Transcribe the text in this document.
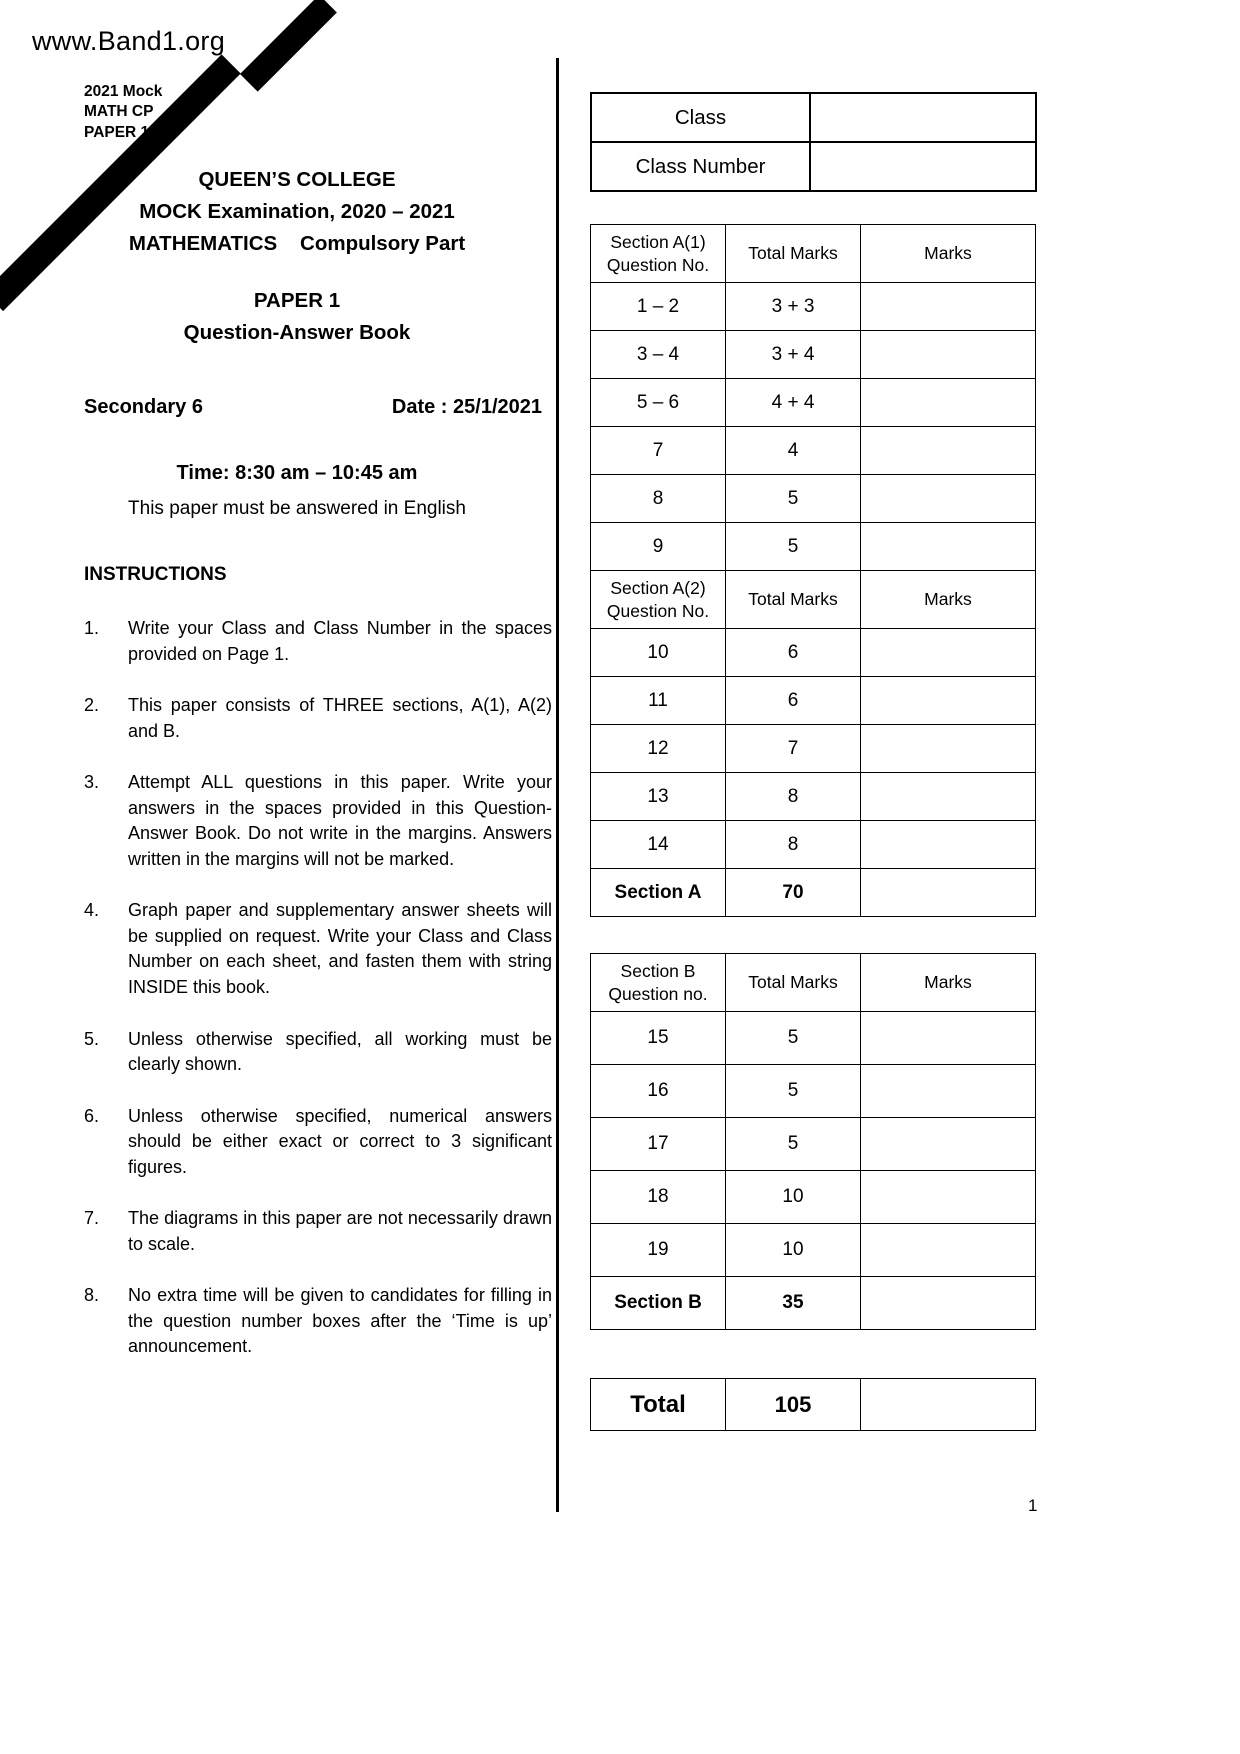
www.Band1.org
2021 Mock
MATH CP
PAPER 1
QUEEN’S COLLEGE
MOCK Examination, 2020 – 2021
MATHEMATICS    Compulsory Part
PAPER 1
Question-Answer Book
Secondary 6	Date : 25/1/2021
Time: 8:30 am – 10:45 am
This paper must be answered in English
INSTRUCTIONS
1.	Write your Class and Class Number in the spaces provided on Page 1.
2.	This paper consists of THREE sections, A(1), A(2) and B.
3.	Attempt ALL questions in this paper. Write your answers in the spaces provided in this Question-Answer Book. Do not write in the margins. Answers written in the margins will not be marked.
4.	Graph paper and supplementary answer sheets will be supplied on request. Write your Class and Class Number on each sheet, and fasten them with string INSIDE this book.
5.	Unless otherwise specified, all working must be clearly shown.
6.	Unless otherwise specified, numerical answers should be either exact or correct to 3 significant figures.
7.	The diagrams in this paper are not necessarily drawn to scale.
8.	No extra time will be given to candidates for filling in the question number boxes after the ‘Time is up’ announcement.
Class	
Class Number	
Section A(1)
Question No.	Total Marks	Marks
1 – 2	3 + 3	
3 – 4	3 + 4	
5 – 6	4 + 4	
7	4	
8	5	
9	5	

Section A(2)
Question No.	Total Marks	Marks
10	6	
11	6	
12	7	
13	8	
14	8	
Section A	70	
Section B
Question no.	Total Marks	Marks
15	5	
16	5	
17	5	
18	10	
19	10	
Section B	35	
Total	105	
1
